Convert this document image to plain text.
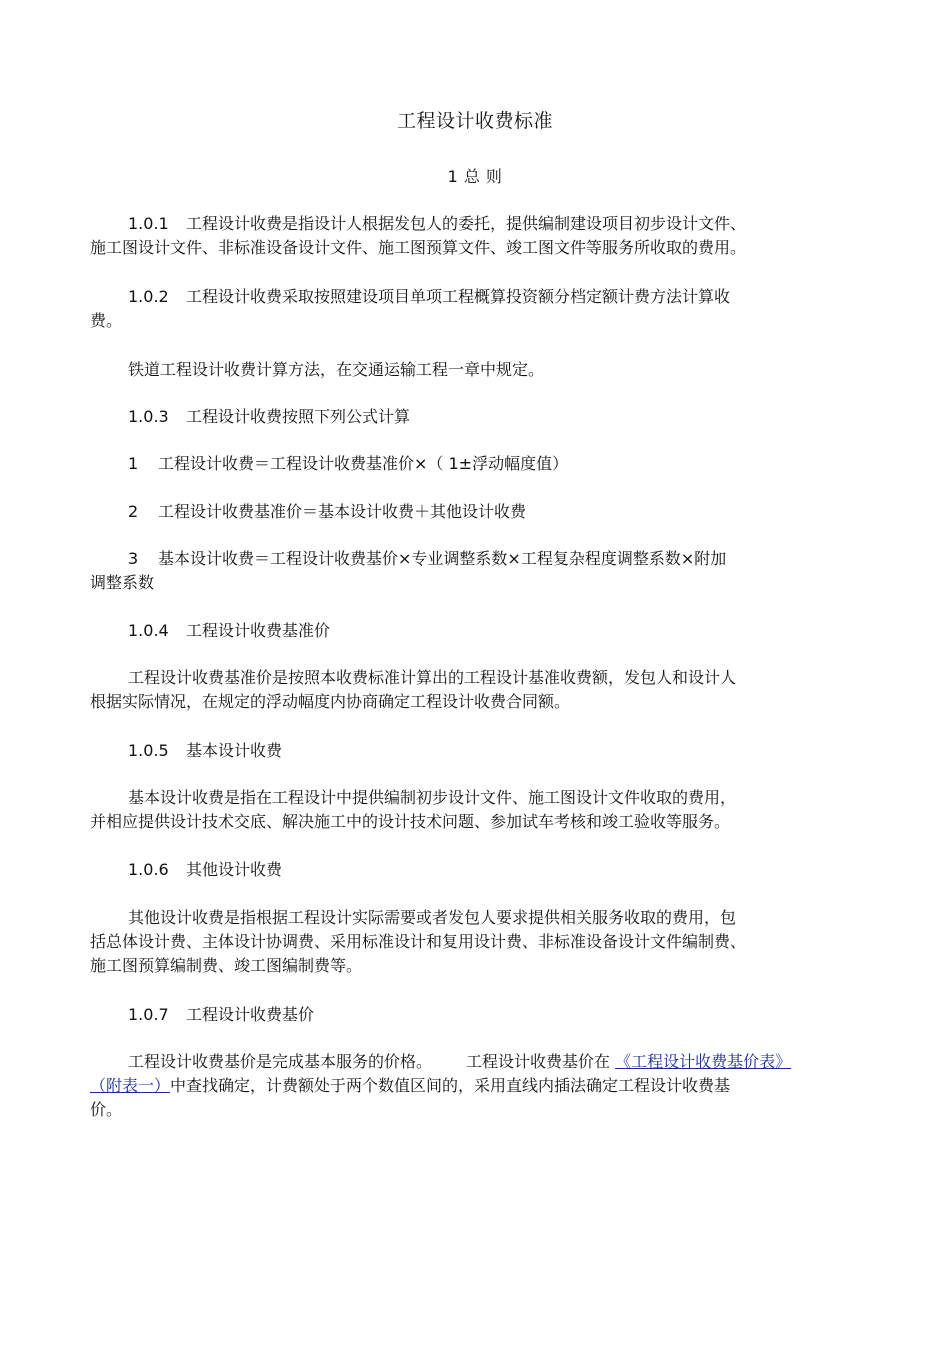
工程设计收费标准
1 总 则

1.0.1 工程设计收费是指设计人根据发包人的委托，提供编制建设项目初步设计文件、
施工图设计文件、非标准设备设计文件、施工图预算文件、竣工图文件等服务所收取的费用。

1.0.2 工程设计收费采取按照建设项目单项工程概算投资额分档定额计费方法计算收
费。

铁道工程设计收费计算方法，在交通运输工程一章中规定。

1.0.3 工程设计收费按照下列公式计算

1 工程设计收费＝工程设计收费基准价×（ 1±浮动幅度值）

2 工程设计收费基准价＝基本设计收费＋其他设计收费

3 基本设计收费＝工程设计收费基价×专业调整系数×工程复杂程度调整系数×附加
调整系数

1.0.4 工程设计收费基准价

工程设计收费基准价是按照本收费标准计算出的工程设计基准收费额，发包人和设计人
根据实际情况，在规定的浮动幅度内协商确定工程设计收费合同额。

1.0.5 基本设计收费

基本设计收费是指在工程设计中提供编制初步设计文件、施工图设计文件收取的费用，
并相应提供设计技术交底、解决施工中的设计技术问题、参加试车考核和竣工验收等服务。

1.0.6 其他设计收费

其他设计收费是指根据工程设计实际需要或者发包人要求提供相关服务收取的费用，包
括总体设计费、主体设计协调费、采用标准设计和复用设计费、非标准设备设计文件编制费、
施工图预算编制费、竣工图编制费等。

1.0.7 工程设计收费基价

工程设计收费基价是完成基本服务的价格。 工程设计收费基价在 《工程设计收费基价表》
（附表一）中查找确定，计费额处于两个数值区间的，采用直线内插法确定工程设计收费基
价。
